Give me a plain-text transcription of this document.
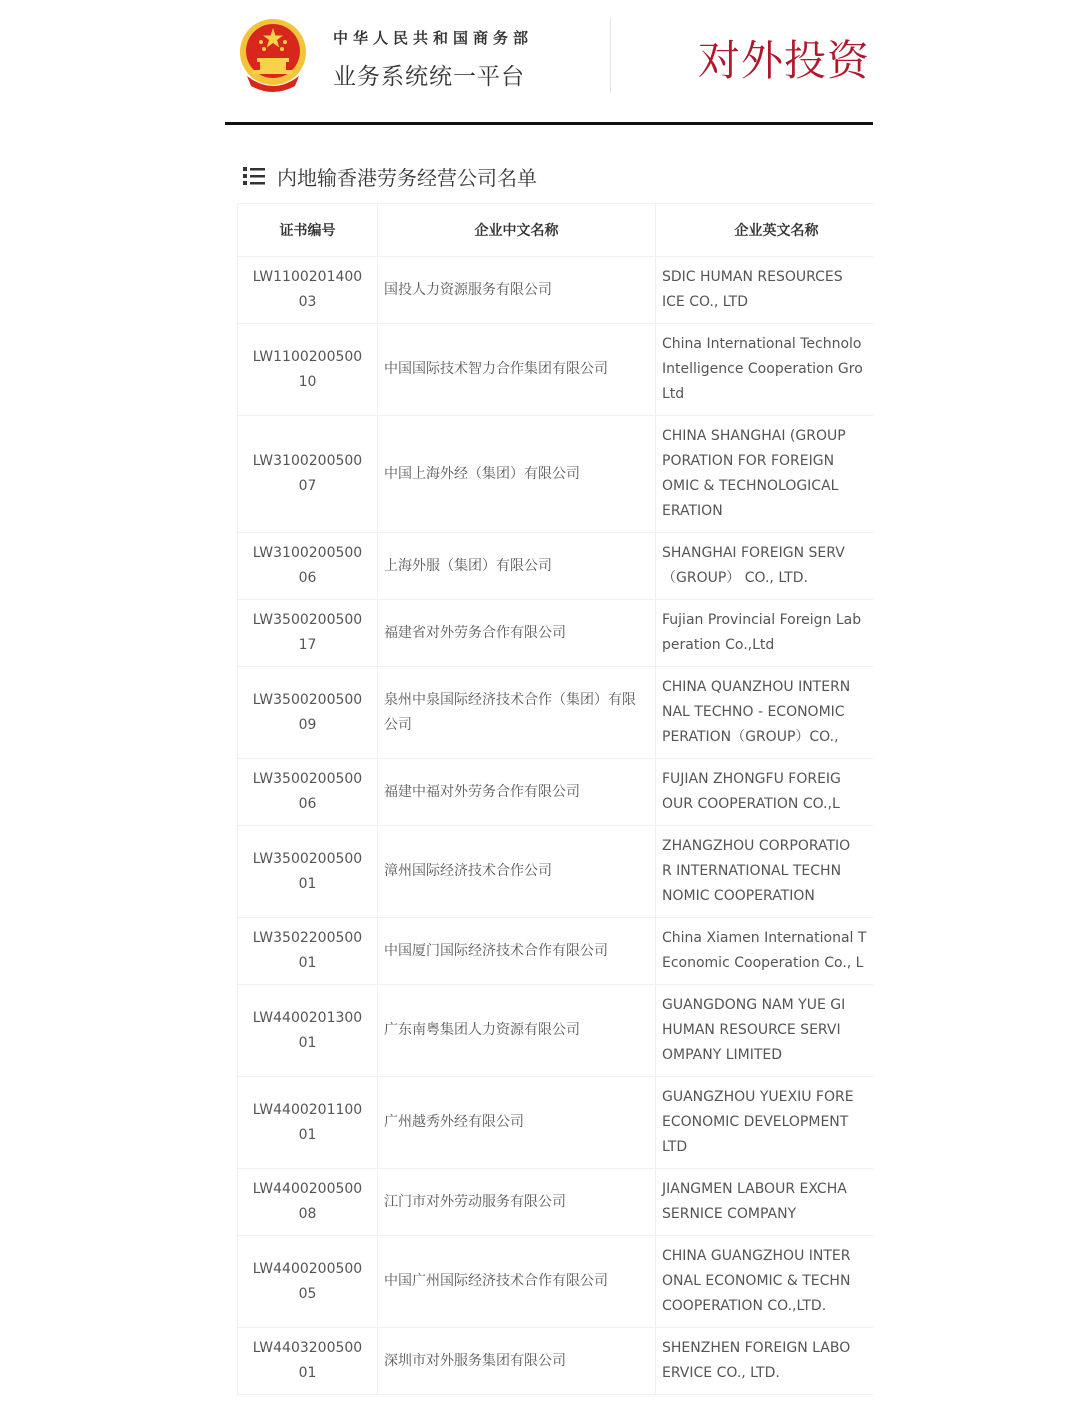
中华人民共和国商务部
业务系统统一平台	对外投资
内地输香港劳务经营公司名单
证书编号	企业中文名称	企业英文名称

LW1100201400
03	国投人力资源服务有限公司	SDIC HUMAN RESOURCES
ICE CO., LTD

LW1100200500
10	中国国际技术智力合作集团有限公司	China International Technolo
Intelligence Cooperation Gro
Ltd

LW3100200500
07	中国上海外经（集团）有限公司	CHINA SHANGHAI (GROUP
PORATION FOR FOREIGN
OMIC & TECHNOLOGICAL
ERATION

LW3100200500
06	上海外服（集团）有限公司	SHANGHAI FOREIGN SERV
（GROUP） CO., LTD.

LW3500200500
17	福建省对外劳务合作有限公司	Fujian Provincial Foreign Lab
peration Co.,Ltd

LW3500200500
09	泉州中泉国际经济技术合作（集团）有限公司	CHINA QUANZHOU INTERN
NAL TECHNO - ECONOMIC
PERATION（GROUP）CO.,

LW3500200500
06	福建中福对外劳务合作有限公司	FUJIAN ZHONGFU FOREIG
OUR COOPERATION CO.,L

LW3500200500
01	漳州国际经济技术合作公司	ZHANGZHOU CORPORATIO
R INTERNATIONAL TECHN
NOMIC COOPERATION

LW3502200500
01	中国厦门国际经济技术合作有限公司	China Xiamen International T
Economic Cooperation Co., L

LW4400201300
01	广东南粤集团人力资源有限公司	GUANGDONG NAM YUE GI
HUMAN RESOURCE SERVI
OMPANY LIMITED

LW4400201100
01	广州越秀外经有限公司	GUANGZHOU YUEXIU FORE
ECONOMIC DEVELOPMENT
LTD

LW4400200500
08	江门市对外劳动服务有限公司	JIANGMEN LABOUR EXCHA
SERNICE COMPANY

LW4400200500
05	中国广州国际经济技术合作有限公司	CHINA GUANGZHOU INTER
ONAL ECONOMIC & TECHN
COOPERATION CO.,LTD.

LW4403200500
01	深圳市对外服务集团有限公司	SHENZHEN FOREIGN LABO
ERVICE CO., LTD.
